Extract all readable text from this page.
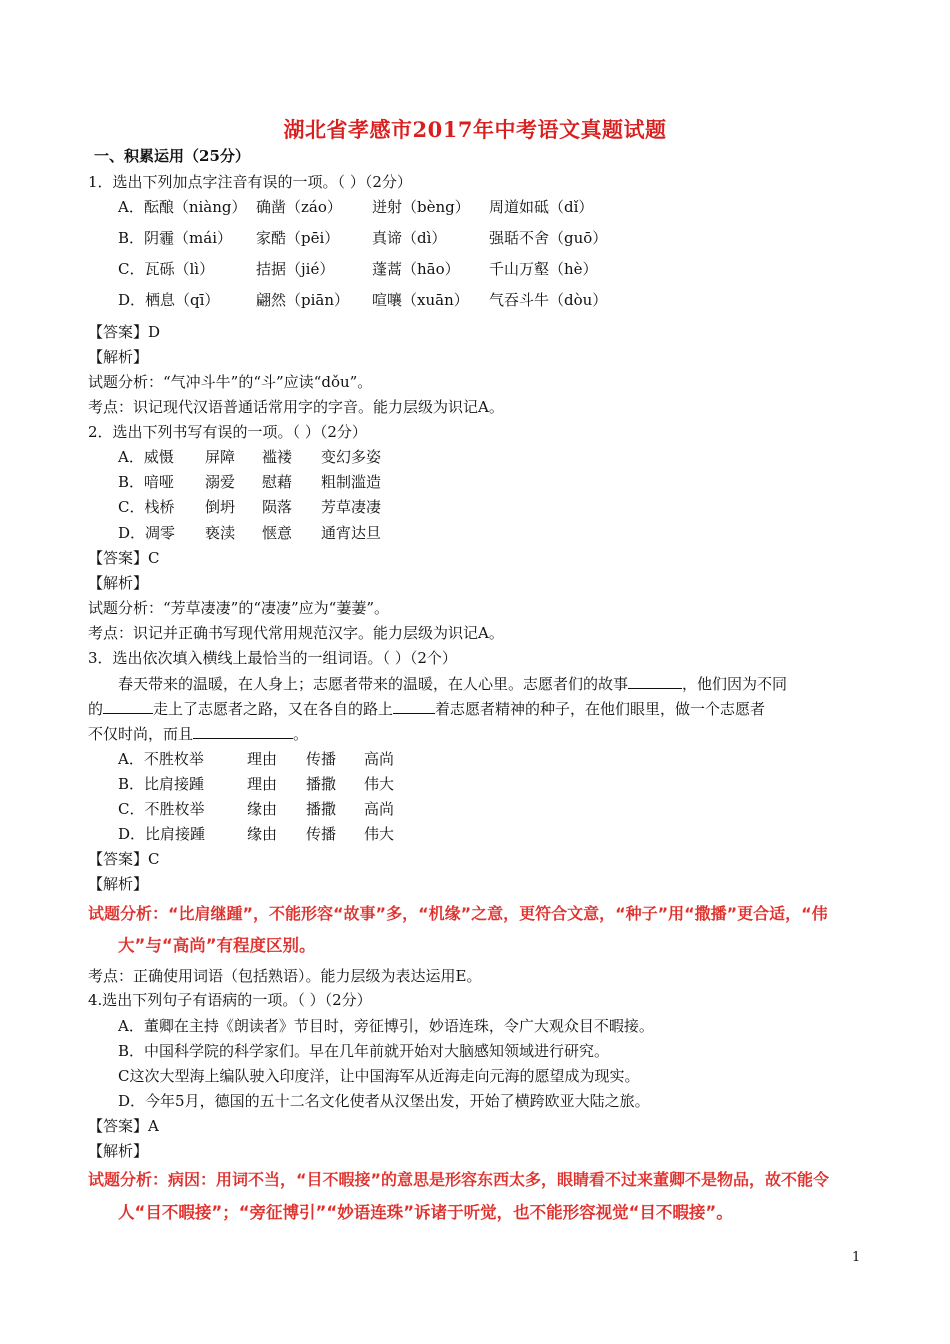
湖北省孝感市2017年中考语文真题试题
一、积累运用（25分）
1．选出下列加点字注音有误的一项。（ ）（2分）
A．酝酿（niàng） 确凿（záo） 迸射（bèng） 周道如砥（dǐ）
B．阴霾（mái） 家酷（pēi） 真谛（dì）	强聒不舍（guō）
C．瓦砾（lì）	拮据（jié）	蓬蒿（hāo） 千山万壑（hè）
D．栖息（qī） 翩然（piān） 喧嚷（xuān） 气吞斗牛（dòu）
【答案】D
【解析】
试题分析：“气冲斗牛”的“斗”应读“dǒu”。
考点：识记现代汉语普通话常用字的字音。能力层级为识记A。
2．选出下列书写有误的一项。（ ）（2分）
A．威慑 屏障 褴褛 变幻多姿
B．喑哑 溺爱 慰藉 粗制滥造
C．栈桥 倒坍 陨落 芳草凄凄
D．凋零 亵渎 惬意 通宵达旦
【答案】C
【解析】
试题分析：“芳草凄凄”的“凄凄”应为“萋萋”。
考点：识记并正确书写现代常用规范汉字。能力层级为识记A。
3．选出依次填入横线上最恰当的一组词语。（ ）（2个）
春天带来的温暖，在人身上；志愿者带来的温暖，在人心里。志愿者们的故事	，他们因为不同
的	走上了志愿者之路，又在各自的路上	着志愿者精神的种子，在他们眼里，做一个志愿者
不仅时尚，而且	。
A．不胜枚举	理由 传播 高尚
B．比肩接踵	理由 播撒 伟大
C．不胜枚举	缘由 播撒 高尚
D．比肩接踵	缘由 传播 伟大
【答案】C
【解析】
试题分析：“比肩继踵”，不能形容“故事”多，“机缘”之意，更符合文意，“种子”用“撒播”更合适，“伟
大”与“高尚”有程度区别。
考点：正确使用词语（包括熟语）。能力层级为表达运用E。
4.选出下列句子有语病的一项。（ ）（2分）
A．董卿在主持《朗读者》节目时，旁征博引，妙语连珠，令广大观众目不暇接。
B．中国科学院的科学家们。早在几年前就开始对大脑感知领域进行研究。
C这次大型海上编队驶入印度洋，让中国海军从近海走向元海的愿望成为现实。
D．今年5月，德国的五十二名文化使者从汉堡出发，开始了横跨欧亚大陆之旅。
【答案】A
【解析】
试题分析：病因：用词不当，“目不暇接”的意思是形容东西太多，眼睛看不过来董卿不是物品，故不能令
人“目不暇接”；“旁征博引”“妙语连珠”诉诸于听觉，也不能形容视觉“目不暇接”。
1
